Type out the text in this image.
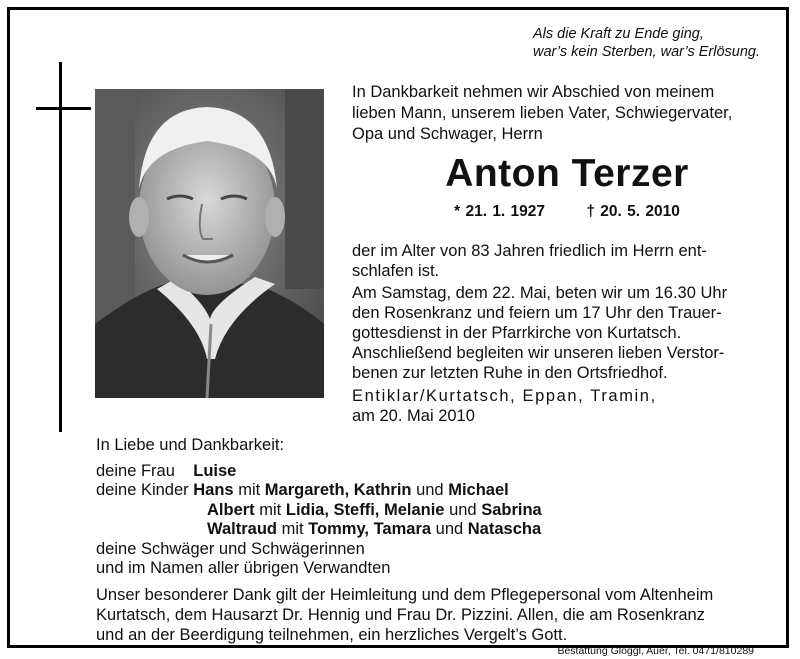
Als die Kraft zu Ende ging,
war’s kein Sterben, war’s Erlösung.
In Dankbarkeit nehmen wir Abschied von meinem
lieben Mann, unserem lieben Vater, Schwiegervater,
Opa und Schwager, Herrn
Anton Terzer
* 21. 1. 1927	† 20. 5. 2010
der im Alter von 83 Jahren friedlich im Herrn ent-
schlafen ist.
Am Samstag, dem 22. Mai, beten wir um 16.30 Uhr
den Rosenkranz und feiern um 17 Uhr den Trauer-
gottesdienst in der Pfarrkirche von Kurtatsch.
Anschließend begleiten wir unseren lieben Verstor-
benen zur letzten Ruhe in den Ortsfriedhof.
Entiklar/Kurtatsch, Eppan, Tramin,
am 20. Mai 2010
In Liebe und Dankbarkeit:
deine Frau Luise
deine Kinder Hans mit Margareth, Kathrin und Michael
Albert mit Lidia, Steffi, Melanie und Sabrina
Waltraud mit Tommy, Tamara und Natascha
deine Schwäger und Schwägerinnen
und im Namen aller übrigen Verwandten
Unser besonderer Dank gilt der Heimleitung und dem Pflegepersonal vom Altenheim
Kurtatsch, dem Hausarzt Dr. Hennig und Frau Dr. Pizzini. Allen, die am Rosenkranz
und an der Beerdigung teilnehmen, ein herzliches Vergelt’s Gott.
Bestattung Glöggl, Auer, Tel. 0471/810289
